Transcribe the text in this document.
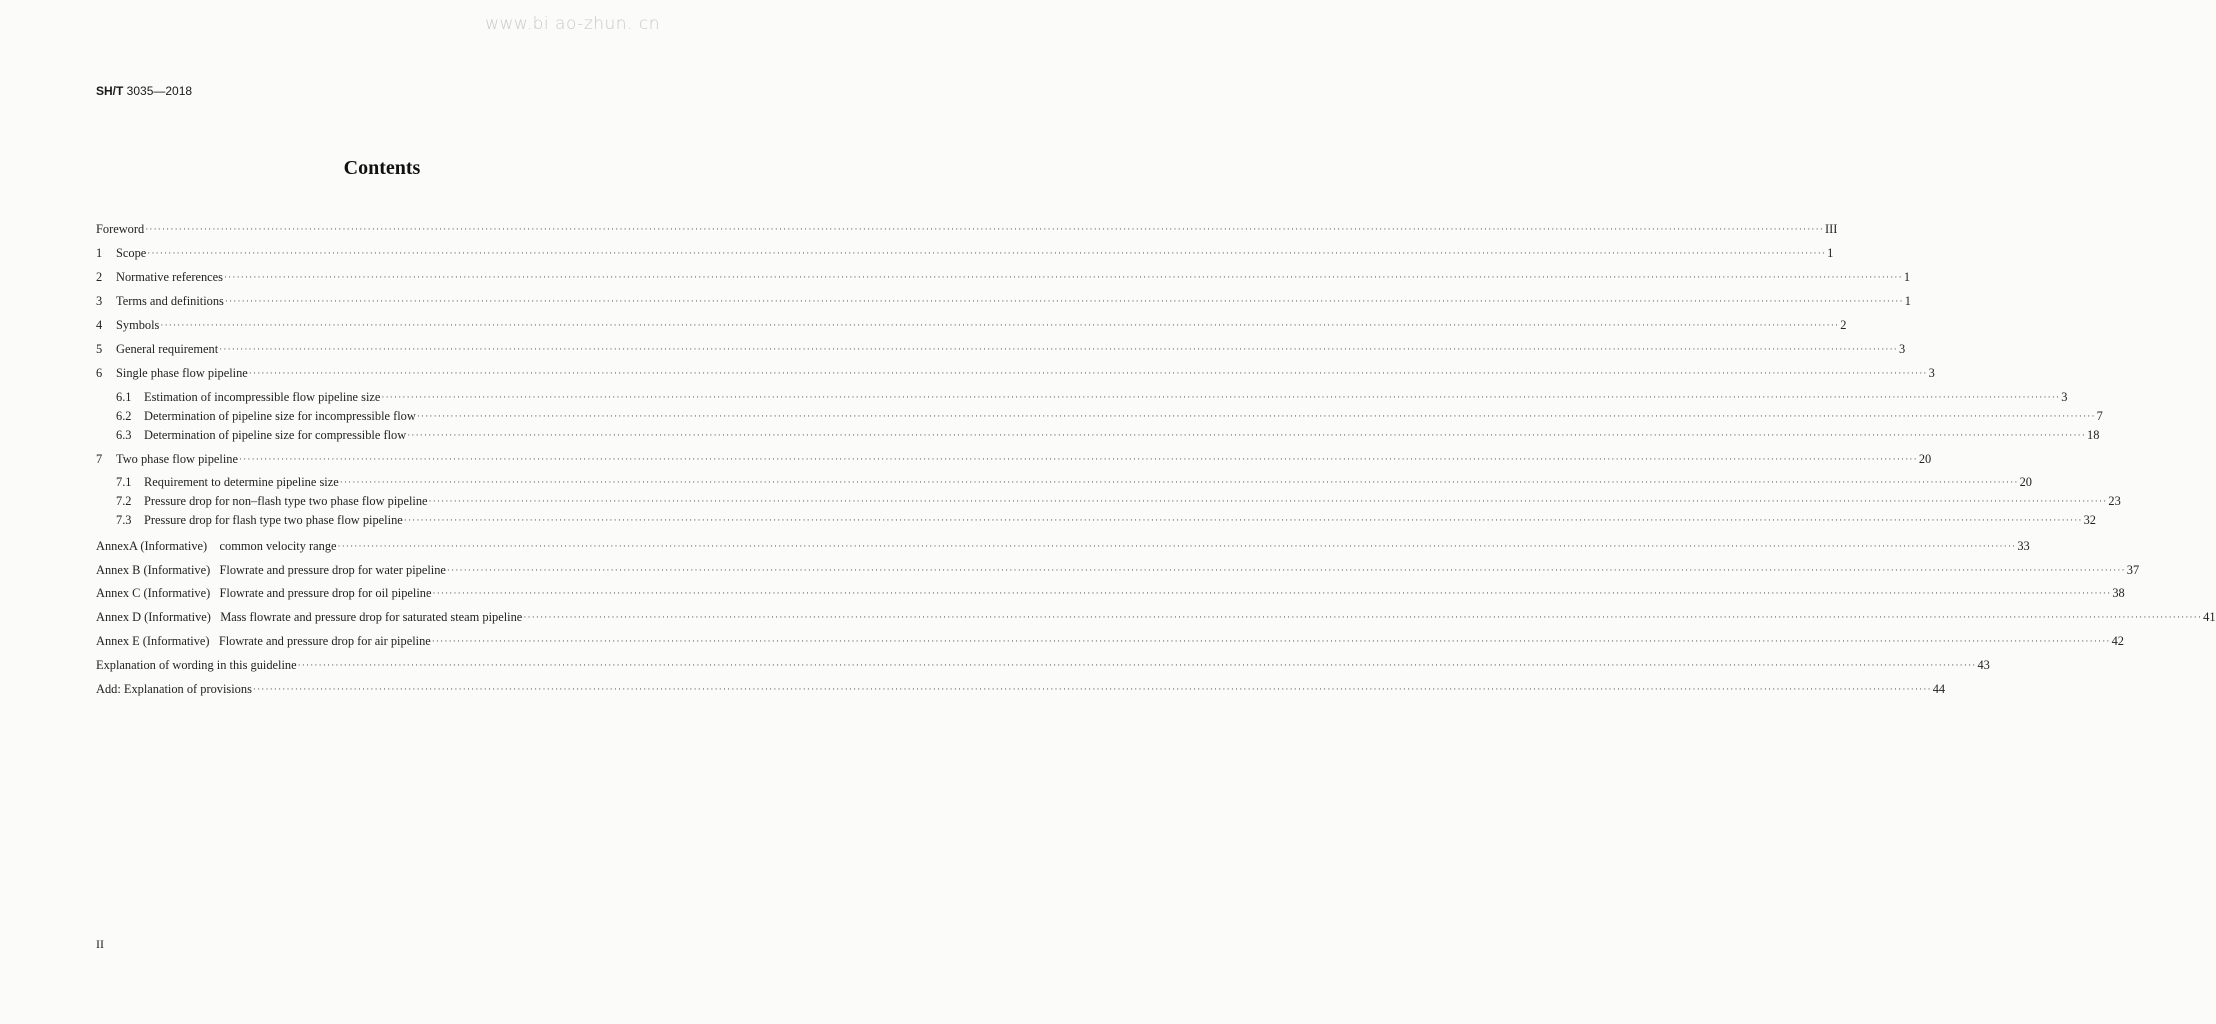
www.bi ao-zhun. cn
SH/T 3035—2018
Contents
Foreword ················································································································································································································································································································································································································ III
1	Scope ················································································································································································································································································································································································································ 1
2	Normative references ················································································································································································································································································································································································································ 1
3	Terms and definitions ················································································································································································································································································································································································································ 1
4	Symbols ················································································································································································································································································································································································································ 2
5	General requirement ················································································································································································································································································································································································································ 3
6	Single phase flow pipeline ················································································································································································································································································································································································································ 3
6.1	Estimation of incompressible flow pipeline size ················································································································································································································································································································································································································ 3
6.2	Determination of pipeline size for incompressible flow ················································································································································································································································································································································································································ 7
6.3	Determination of pipeline size for compressible flow ················································································································································································································································································································································································································ 18
7	Two phase flow pipeline ················································································································································································································································································································································································································ 20
7.1	Requirement to determine pipeline size ················································································································································································································································································································································································································ 20
7.2	Pressure drop for non–flash type two phase flow pipeline ················································································································································································································································································································································································································ 23
7.3	Pressure drop for flash type two phase flow pipeline ················································································································································································································································································································································································································ 32
AnnexA (Informative)    common velocity range ················································································································································································································································································································································································································ 33
Annex B (Informative)   Flowrate and pressure drop for water pipeline ················································································································································································································································································································································································································ 37
Annex C (Informative)   Flowrate and pressure drop for oil pipeline ················································································································································································································································································································································································································ 38
Annex D (Informative)   Mass flowrate and pressure drop for saturated steam pipeline ················································································································································································································································································································································································································ 41
Annex E (Informative)   Flowrate and pressure drop for air pipeline ················································································································································································································································································································································································································ 42
Explanation of wording in this guideline ················································································································································································································································································································································································································ 43
Add: Explanation of provisions ················································································································································································································································································································································································································ 44
II
